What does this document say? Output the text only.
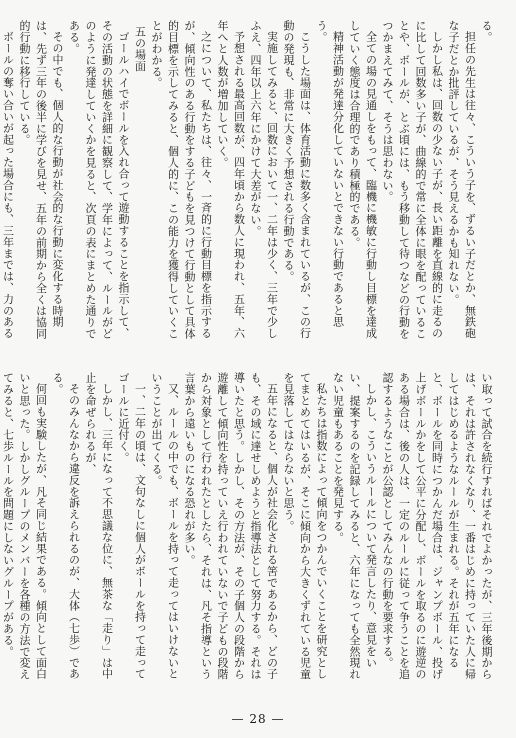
る。

担任の先生は往々、こういう子を、ずるい子だとか、無鉄砲な子だとか批評しているが、そう見えるかも知れない。

しかし私は、回数の少ない子が、長い距離を直線的に走るのに比して回数多い子が、曲線的で常に全体に眼を配っていることや、ボールが、とぶ頃には、もう移動して待つなどの行動をつかまえてみて、そうは思わない。

全ての場の見通しをもって、臨機に機敏に行動し目標を達成していく態度は合理的であり積極的である。

精神活動が発達分化していないとできない行動であると思う。

こうした場面は、体育活動に数多く含まれているが、この行動の発現も、非常に大きく予想される行動である。

実施してみると、回数において一、二年は少く、三年で少しふえ、四年以上六年にかけて大差がない。

予想される最高回数が、四年頃から数人に現われ、五年、六年へと人数が増加していく。

之について、私たちは、往々、一斉的に行動目標を指示するが、傾向性のある行動をする子どもを見つけて行動として具体的目標を示してみると、個人的に、この能力を獲得していくことがわかる。

五の場面

ゴールハイでボールを入れ合って遊動することを指示して、その活動の状態を詳細に観察して、学年によって、ルールがどのように発達していくかを見ると、次頁の表にまとめた通りである。

その中でも、個人的な行動が社会的な行動に変化する時期は、先ず三年の後半に学びを見せ、五年の前期から全くは協同的行動に移行している。

ボールの奪い合いが起った場合にも、三年までは、力のある

い取って試合を続行すればそれでよかったが、三年後期からは、それは許されなくなり、一番はじめに持っていた人に帰してはじめるようなルールが生まれる。それが五年になると、ボールを同時につかんだ場合は、ジャンプボール、投げ上げボールかをして公平に分配し、ボールを取るのに遊逆のある場合は、後の人は、一定のルールに従って争うことを追認するようなことが公認としてみんなの行動を要求する。

しかし、こういうルールについて発言したり、意見をいい、提案するのを記録してみると、六年になっても全然現れない児童もあることを発見する。

私たちは指数によって傾向をつかんでいくことを研究としてまとめてはいるが、そこに傾向から大きくずれている児童を見落してはならないと思う。

五年になると、個人が社会化される筈であるから、どの子も、その域に達せしめようと指導法として努力する。それは導いたと思う。しかし、その方法が、その子個人の段階から遊離して傾向性を持っていえ行われていないで子どもの段階から対象として行われたとしたら、それは、凡そ指導という言葉から遠いものになる恐れが多い。

又、ルールの中でも、ボールを持って走ってはいけないということが出てくる。

一、二年の頃は、文句なしに個人がボールを持って走ってゴールに近付く。

しかし、三年になって不思議な位に、無茶な「走り」は中止を命ぜられるが、

そのみんなから違反を訴えられるのが、大体（七歩）である。

何回も実験したが、凡そ同じ結果である。傾向として面白いと思った。しかしグループのメンバーを各種の方法で変えてみると、七歩ルールを問題にしないグループがある。

— 28 —
